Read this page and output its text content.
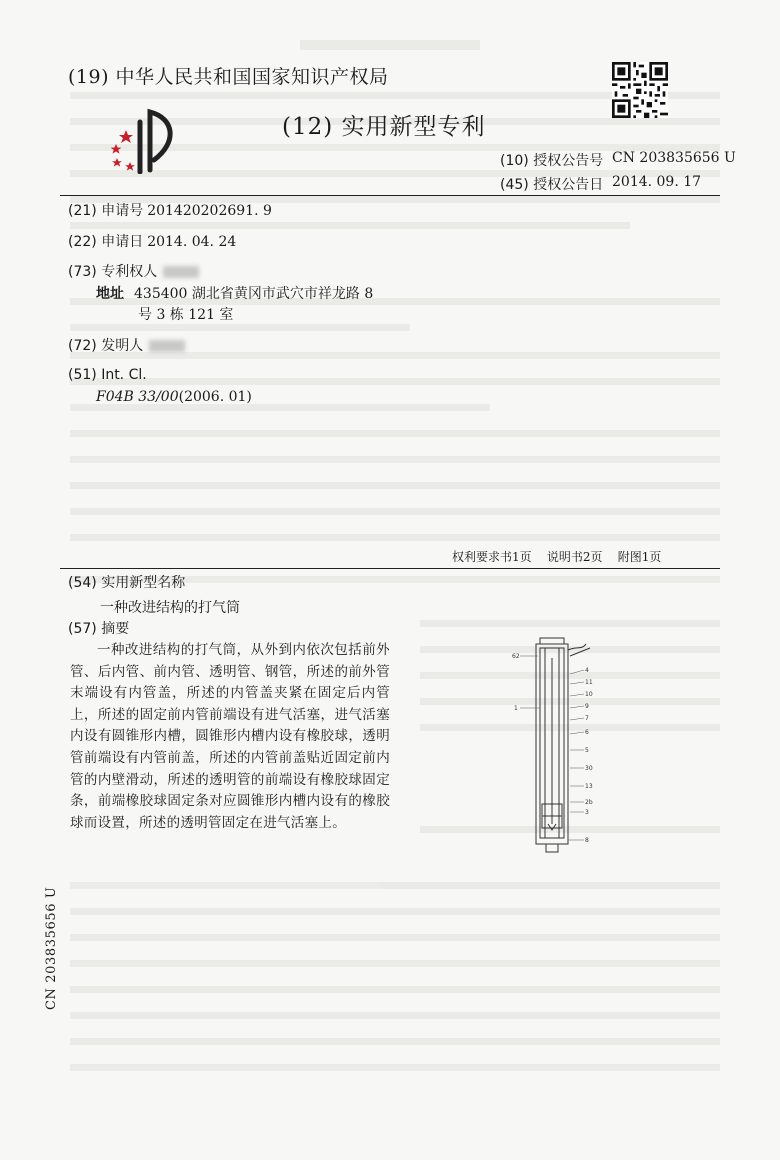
(19) 中华人民共和国国家知识产权局
(12) 实用新型专利
(10) 授权公告号 CN 203835656 U
(45) 授权公告日 2014. 09. 17
(21) 申请号 201420202691. 9
(22) 申请日 2014. 04. 24
(73) 专利权人
地址 435400 湖北省黄冈市武穴市祥龙路 8
号 3 栋 121 室
(72) 发明人
(51) Int. Cl.
F04B 33/00(2006. 01)
权利要求书1页    说明书2页    附图1页
(54) 实用新型名称
一种改进结构的打气筒
(57) 摘要

一种改进结构的打气筒，从外到内依次包括前外管、后内管、前内管、透明管、钢管，所述的前外管末端设有内管盖，所述的内管盖夹紧在固定后内管上，所述的固定前内管前端设有进气活塞，进气活塞内设有圆锥形内槽，圆锥形内槽内设有橡胶球，透明管前端设有内管前盖，所述的内管前盖贴近固定前内管的内壁滑动，所述的透明管的前端设有橡胶球固定条，前端橡胶球固定条对应圆锥形内槽内设有的橡胶球而设置，所述的透明管固定在进气活塞上。

62
1
4
11
10
9
7
6
5
30
13
2b
3
8
CN 203835656 U
